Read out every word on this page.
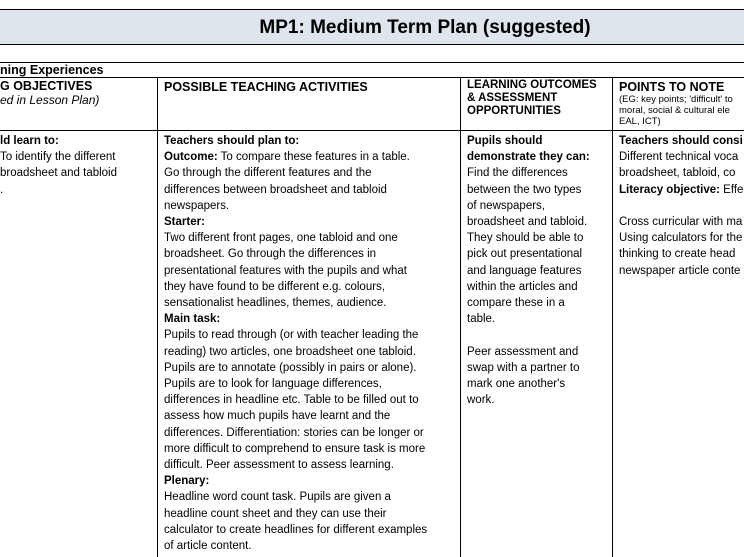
MP1: Medium Term Plan (suggested)
ning Experiences
G OBJECTIVES
ed in Lesson Plan)
POSSIBLE TEACHING ACTIVITIES	LEARNING OUTCOMES
& ASSESSMENT
OPPORTUNITIES
POINTS TO NOTE
(EG: key points; 'difficult' to
moral, social & cultural ele
EAL, ICT)
ld learn to:
To identify the different
broadsheet and tabloid
.
Teachers should plan to:
Outcome: To compare these features in a table.
Go through the different features and the
differences between broadsheet and tabloid
newspapers.
Starter:
Two different front pages, one tabloid and one
broadsheet. Go through the differences in
presentational features with the pupils and what
they have found to be different e.g. colours,
sensationalist headlines, themes, audience.
Main task:
Pupils to read through (or with teacher leading the
reading) two articles, one broadsheet one tabloid.
Pupils are to annotate (possibly in pairs or alone).
Pupils are to look for language differences,
differences in headline etc. Table to be filled out to
assess how much pupils have learnt and the
differences. Differentiation: stories can be longer or
more difficult to comprehend to ensure task is more
difficult. Peer assessment to assess learning.
Plenary:
Headline word count task. Pupils are given a
headline count sheet and they can use their
calculator to create headlines for different examples
of article content.
Pupils should
demonstrate they can:
Find the differences
between the two types
of newspapers,
broadsheet and tabloid.
They should be able to
pick out presentational
and language features
within the articles and
compare these in a
table.
Peer assessment and
swap with a partner to
mark one another's
work.
Teachers should consi
Different technical voca
broadsheet, tabloid, co
Literacy objective: Effe
Cross curricular with ma
Using calculators for the
thinking to create head
newspaper article conte
